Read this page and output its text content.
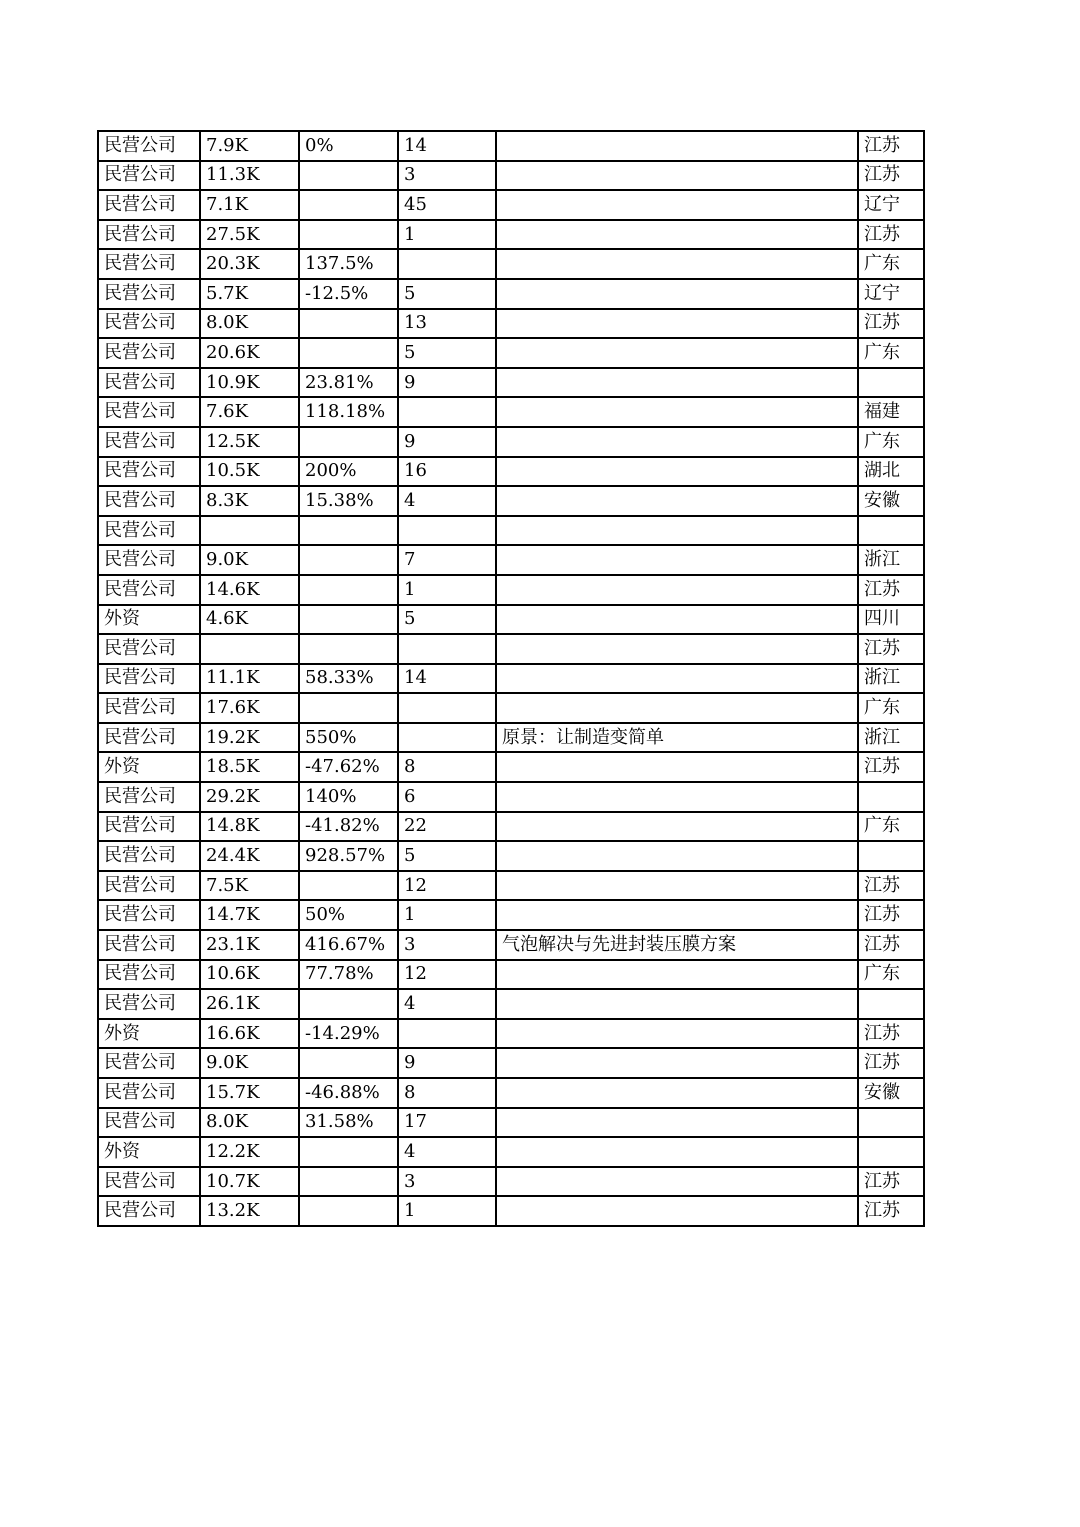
民营公司	7.9K	0%	14		江苏
民营公司	11.3K		3		江苏
民营公司	7.1K		45		辽宁
民营公司	27.5K		1		江苏
民营公司	20.3K	137.5%			广东
民营公司	5.7K	-12.5%	5		辽宁
民营公司	8.0K		13		江苏
民营公司	20.6K		5		广东
民营公司	10.9K	23.81%	9		
民营公司	7.6K	118.18%			福建
民营公司	12.5K		9		广东
民营公司	10.5K	200%	16		湖北
民营公司	8.3K	15.38%	4		安徽
民营公司					
民营公司	9.0K		7		浙江
民营公司	14.6K		1		江苏
外资	4.6K		5		四川
民营公司					江苏
民营公司	11.1K	58.33%	14		浙江
民营公司	17.6K				广东
民营公司	19.2K	550%		原景：让制造变简单	浙江
外资	18.5K	-47.62%	8		江苏
民营公司	29.2K	140%	6		
民营公司	14.8K	-41.82%	22		广东
民营公司	24.4K	928.57%	5		
民营公司	7.5K		12		江苏
民营公司	14.7K	50%	1		江苏
民营公司	23.1K	416.67%	3	气泡解决与先进封装压膜方案	江苏
民营公司	10.6K	77.78%	12		广东
民营公司	26.1K		4		
外资	16.6K	-14.29%			江苏
民营公司	9.0K		9		江苏
民营公司	15.7K	-46.88%	8		安徽
民营公司	8.0K	31.58%	17		
外资	12.2K		4		
民营公司	10.7K		3		江苏
民营公司	13.2K		1		江苏
